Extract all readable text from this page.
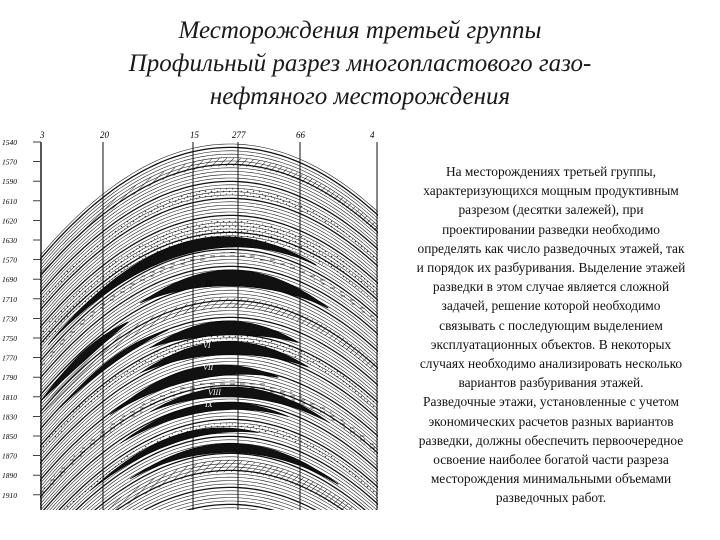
Месторождения третьей группы
Профильный разрез многопластового газо-
нефтяного месторождения
3	20	15	277	66	4
1540
1570
1590
1610
1620
1630
1570
1690
1710
1730
1750
1770
1790
1810
1830
1850
1870
1890
1910
IV
VI
VII
VIII
IX
На месторождениях третьей группы,
характеризующихся мощным продуктивным
разрезом (десятки залежей), при
проектировании разведки необходимо
определять как число разведочных этажей, так
и порядок их разбуривания. Выделение этажей
разведки в этом случае является сложной
задачей, решение которой необходимо
связывать с последующим выделением
эксплуатационных объектов. В некоторых
случаях необходимо анализировать несколько
вариантов разбуривания этажей.
Разведочные этажи, установленные с учетом
экономических расчетов разных вариантов
разведки, должны обеспечить первоочередное
освоение наиболее богатой части разреза
месторождения минимальными объемами
разведочных работ.
